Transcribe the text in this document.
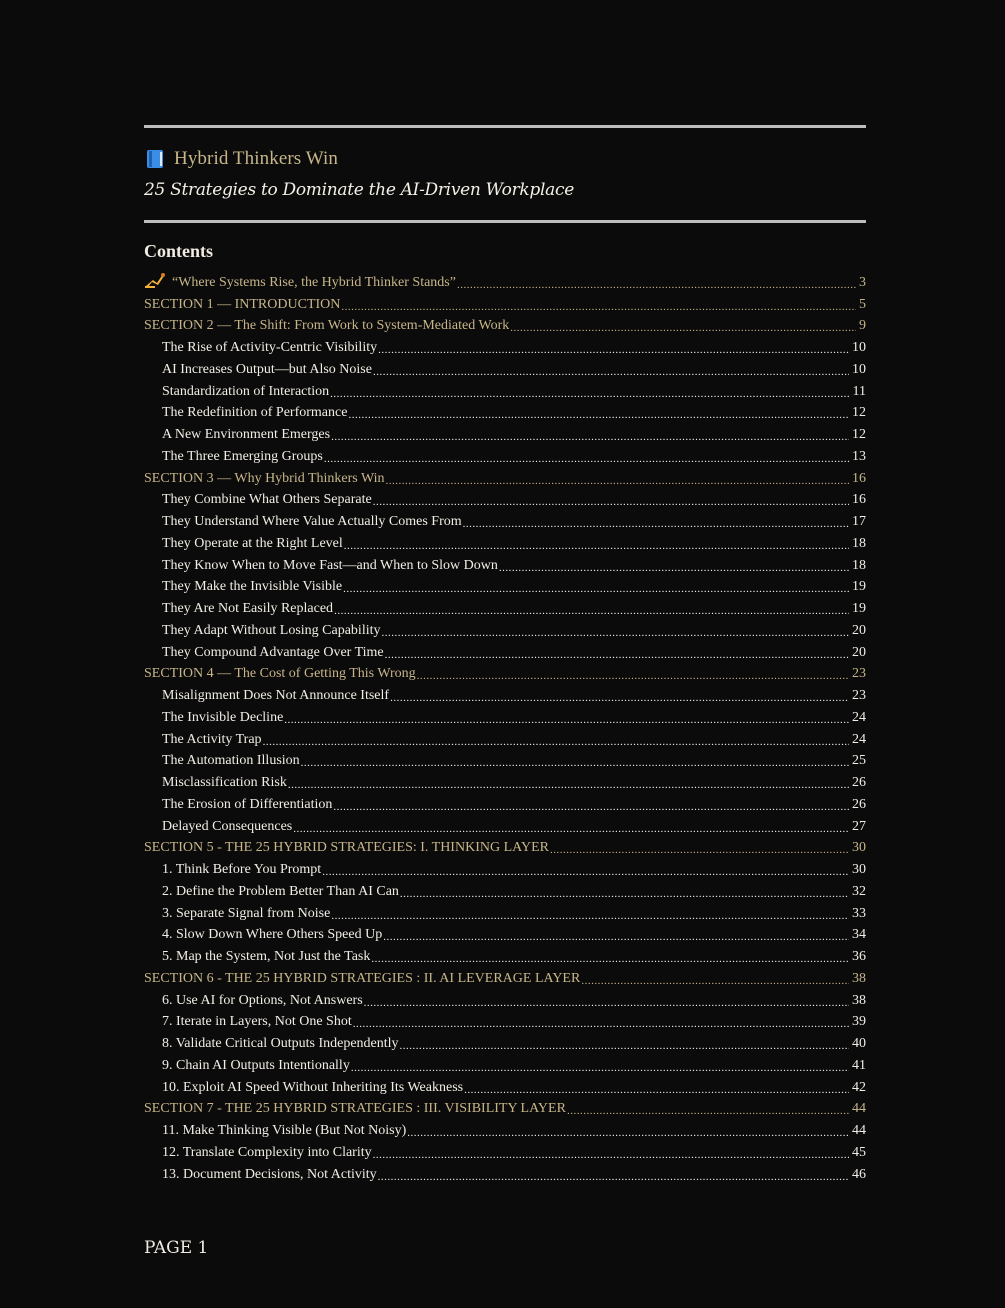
Hybrid Thinkers Win
25 Strategies to Dominate the AI-Driven Workplace
Contents
“Where Systems Rise, the Hybrid Thinker Stands” .....	3
SECTION 1 — INTRODUCTION .....	5
SECTION 2 — The Shift: From Work to System-Mediated Work .....	9
The Rise of Activity-Centric Visibility .....	10
AI Increases Output—but Also Noise .....	10
Standardization of Interaction .....	11
The Redefinition of Performance .....	12
A New Environment Emerges .....	12
The Three Emerging Groups .....	13
SECTION 3 — Why Hybrid Thinkers Win .....	16
They Combine What Others Separate .....	16
They Understand Where Value Actually Comes From .....	17
They Operate at the Right Level .....	18
They Know When to Move Fast—and When to Slow Down .....	18
They Make the Invisible Visible .....	19
They Are Not Easily Replaced .....	19
They Adapt Without Losing Capability .....	20
They Compound Advantage Over Time .....	20
SECTION 4 — The Cost of Getting This Wrong .....	23
Misalignment Does Not Announce Itself .....	23
The Invisible Decline .....	24
The Activity Trap .....	24
The Automation Illusion .....	25
Misclassification Risk .....	26
The Erosion of Differentiation .....	26
Delayed Consequences .....	27
SECTION 5 - THE 25 HYBRID STRATEGIES: I. THINKING LAYER .....	30
1. Think Before You Prompt .....	30
2. Define the Problem Better Than AI Can .....	32
3. Separate Signal from Noise .....	33
4. Slow Down Where Others Speed Up .....	34
5. Map the System, Not Just the Task .....	36
SECTION 6 - THE 25 HYBRID STRATEGIES : II. AI LEVERAGE LAYER .....	38
6. Use AI for Options, Not Answers .....	38
7. Iterate in Layers, Not One Shot .....	39
8. Validate Critical Outputs Independently .....	40
9. Chain AI Outputs Intentionally .....	41
10. Exploit AI Speed Without Inheriting Its Weakness .....	42
SECTION 7 - THE 25 HYBRID STRATEGIES : III. VISIBILITY LAYER .....	44
11. Make Thinking Visible (But Not Noisy) .....	44
12. Translate Complexity into Clarity .....	45
13. Document Decisions, Not Activity .....	46
PAGE 1
